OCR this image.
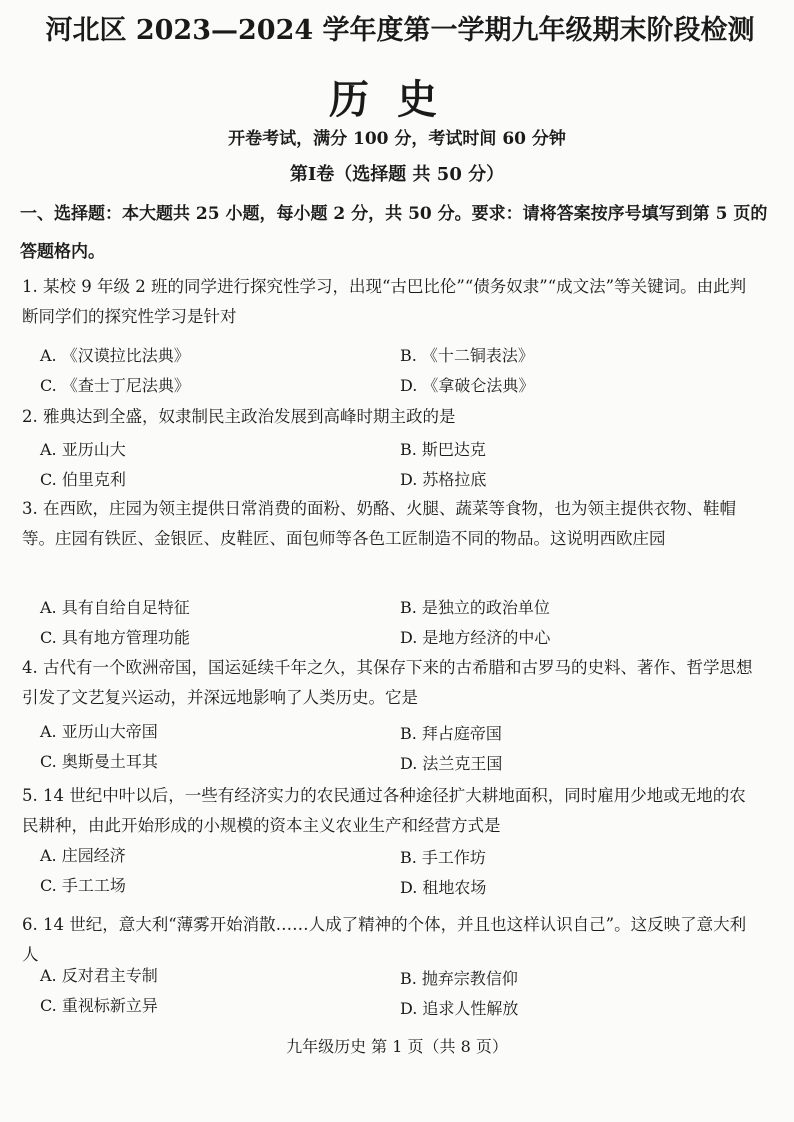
河北区 2023—2024 学年度第一学期九年级期末阶段检测
历史
开卷考试，满分 100 分，考试时间 60 分钟
第Ⅰ卷（选择题 共 50 分）
一、选择题：本大题共 25 小题，每小题 2 分，共 50 分。要求：请将答案按序号填写到第 5 页的答题格内。
1. 某校 9 年级 2 班的同学进行探究性学习，出现“古巴比伦”“债务奴隶”“成文法”等关键词。由此判断同学们的探究性学习是针对
A. 《汉谟拉比法典》	B. 《十二铜表法》
C. 《查士丁尼法典》	D. 《拿破仑法典》
2. 雅典达到全盛，奴隶制民主政治发展到高峰时期主政的是
A. 亚历山大	B. 斯巴达克
C. 伯里克利	D. 苏格拉底
3. 在西欧，庄园为领主提供日常消费的面粉、奶酪、火腿、蔬菜等食物，也为领主提供衣物、鞋帽等。庄园有铁匠、金银匠、皮鞋匠、面包师等各色工匠制造不同的物品。这说明西欧庄园
A. 具有自给自足特征	B. 是独立的政治单位
C. 具有地方管理功能	D. 是地方经济的中心
4. 古代有一个欧洲帝国，国运延续千年之久，其保存下来的古希腊和古罗马的史料、著作、哲学思想引发了文艺复兴运动，并深远地影响了人类历史。它是
A. 亚历山大帝国	B. 拜占庭帝国
C. 奥斯曼土耳其	D. 法兰克王国
5. 14 世纪中叶以后，一些有经济实力的农民通过各种途径扩大耕地面积，同时雇用少地或无地的农民耕种，由此开始形成的小规模的资本主义农业生产和经营方式是
A. 庄园经济	B. 手工作坊
C. 手工工场	D. 租地农场
6. 14 世纪，意大利“薄雾开始消散……人成了精神的个体，并且也这样认识自己”。这反映了意大利人
A. 反对君主专制	B. 抛弃宗教信仰
C. 重视标新立异	D. 追求人性解放
九年级历史 第 1 页（共 8 页）
